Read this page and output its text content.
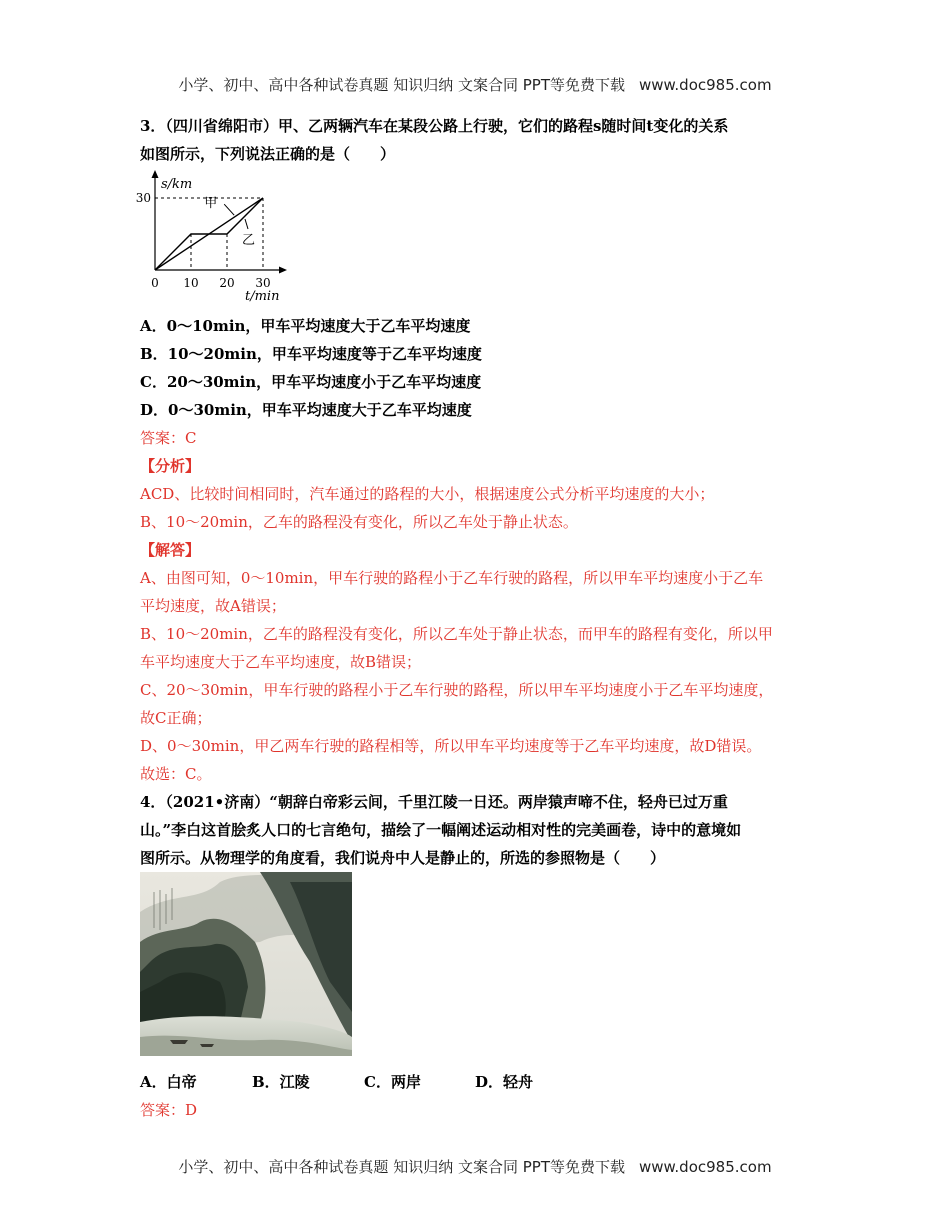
小学、初中、高中各种试卷真题 知识归纳 文案合同 PPT等免费下载 www.doc985.com
3．（四川省绵阳市）甲、乙两辆汽车在某段公路上行驶，它们的路程s随时间t变化的关系
如图所示，下列说法正确的是（　　）
0 10 20 30
30
s/km
t/min
甲
乙
A．0～10min，甲车平均速度大于乙车平均速度
B．10～20min，甲车平均速度等于乙车平均速度
C．20～30min，甲车平均速度小于乙车平均速度
D．0～30min，甲车平均速度大于乙车平均速度
答案：C
【分析】
ACD、比较时间相同时，汽车通过的路程的大小，根据速度公式分析平均速度的大小；
B、10～20min，乙车的路程没有变化，所以乙车处于静止状态。
【解答】
A、由图可知，0～10min，甲车行驶的路程小于乙车行驶的路程，所以甲车平均速度小于乙车
平均速度，故A错误；
B、10～20min，乙车的路程没有变化，所以乙车处于静止状态，而甲车的路程有变化，所以甲
车平均速度大于乙车平均速度，故B错误；
C、20～30min，甲车行驶的路程小于乙车行驶的路程，所以甲车平均速度小于乙车平均速度，
故C正确；
D、0～30min，甲乙两车行驶的路程相等，所以甲车平均速度等于乙车平均速度，故D错误。
故选：C。
4．（2021•济南）“朝辞白帝彩云间，千里江陵一日还。两岸猿声啼不住，轻舟已过万重
山。”李白这首脍炙人口的七言绝句，描绘了一幅阐述运动相对性的完美画卷，诗中的意境如
图所示。从物理学的角度看，我们说舟中人是静止的，所选的参照物是（　　）
A．白帝	B．江陵	C．两岸	D．轻舟
答案：D
小学、初中、高中各种试卷真题 知识归纳 文案合同 PPT等免费下载 www.doc985.com
